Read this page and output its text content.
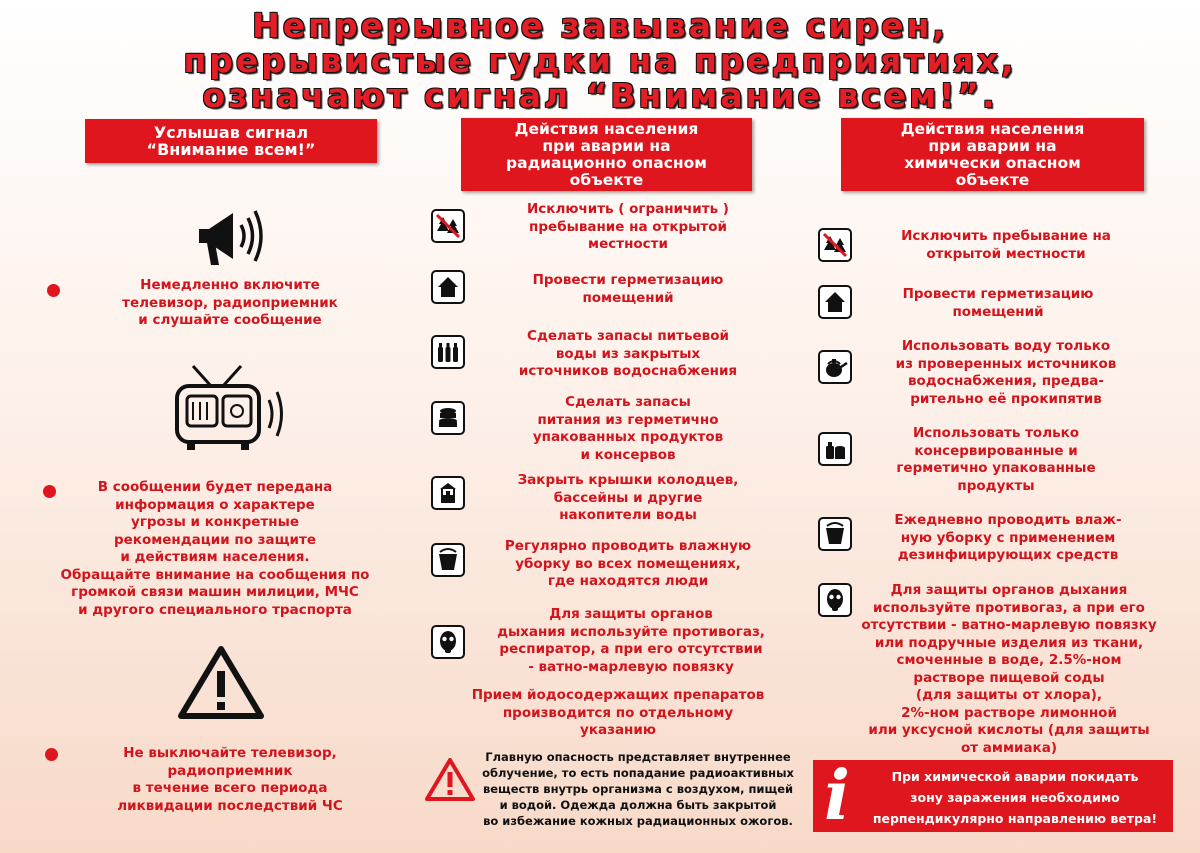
Непрерывное завывание сирен,
прерывистые гудки на предприятиях,
означают сигнал “Внимание всем!”.
Услышав сигнал
“Внимание всем!”
Действия населения
при аварии на
радиационно опасном
объекте
Действия населения
при аварии на
химически опасном
объекте
Немедленно включите
телевизор, радиоприемник
и слушайте сообщение
В сообщении будет передана
информация о характере
угрозы и конкретные
рекомендации по защите
и действиям населения.
Обращайте внимание на сообщения по
громкой связи машин милиции, МЧС
и другого специального траспорта
Не выключайте телевизор,
радиоприемник
в течение всего периода
ликвидации последствий ЧС
Исключить ( ограничить )
пребывание на открытой
местности
Провести герметизацию
помещений
Сделать запасы питьевой
воды из закрытых
источников водоснабжения
Сделать запасы
питания из герметично
упакованных продуктов
и консервов
Закрыть крышки колодцев,
бассейны и другие
накопители воды
Регулярно проводить влажную
уборку во всех помещениях,
где находятся люди
Для защиты органов
дыхания используйте противогаз,
респиратор, а при его отсутствии
- ватно-марлевую повязку
Прием йодосодержащих препаратов
производится по отдельному
указанию
Главную опасность представляет внутреннее
облучение, то есть попадание радиоактивных
веществ внутрь организма с воздухом, пищей
и водой. Одежда должна быть закрытой
во избежание кожных радиационных ожогов.
Исключить пребывание на
открытой местности
Провести герметизацию
помещений
Использовать воду только
из проверенных источников
водоснабжения, предва-
рительно её прокипятив
Использовать только
консервированные и
герметично упакованные
продукты
Ежедневно проводить влаж-
ную уборку с применением
дезинфицирующих средств
Для защиты органов дыхания
используйте противогаз, а при его
отсутствии - ватно-марлевую повязку
или подручные изделия из ткани,
смоченные в воде, 2.5%-ном
растворе пищевой соды
(для защиты от хлора),
2%-ном растворе лимонной
или уксусной кислоты (для защиты
от аммиака)
i	При химической аварии покидать
зону заражения необходимо
перпендикулярно направлению ветра!
